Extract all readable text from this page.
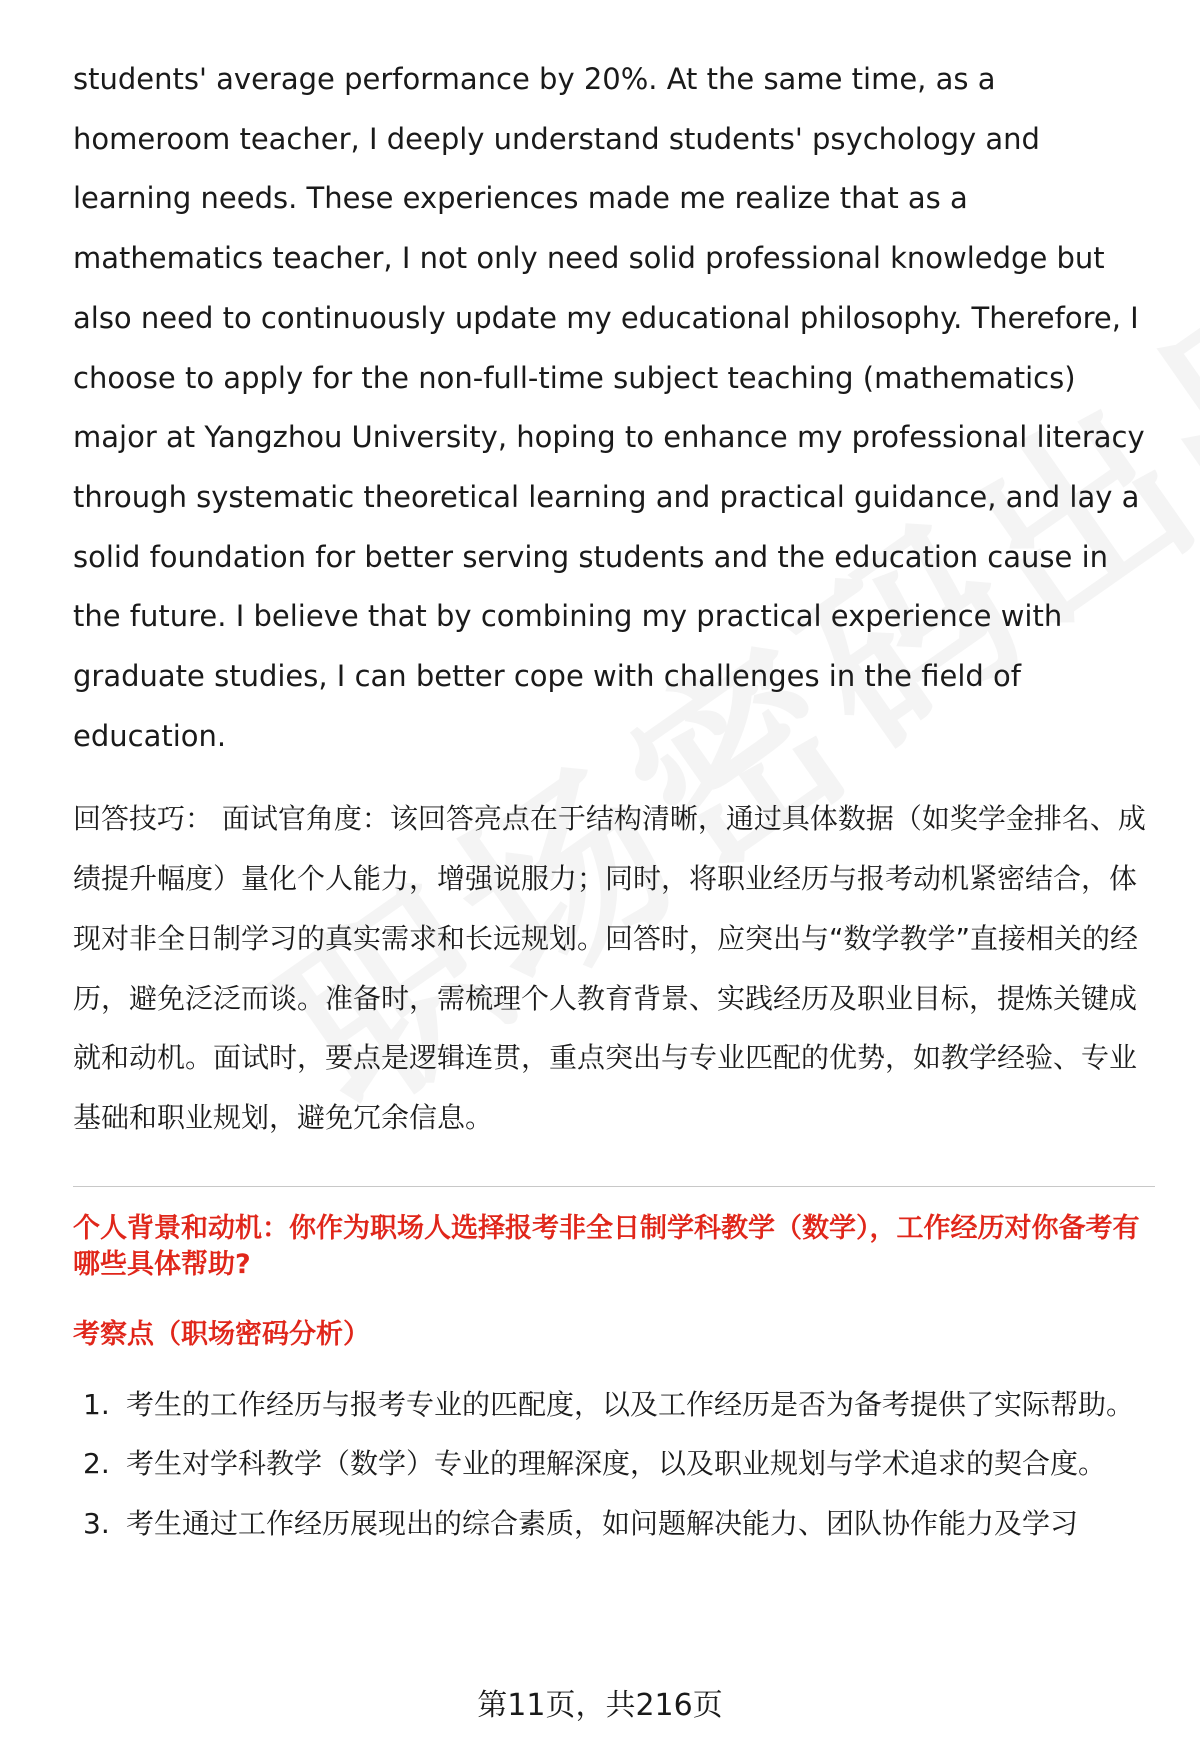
students' average performance by 20%. At the same time, as a homeroom teacher, I deeply understand students' psychology and learning needs. These experiences made me realize that as a mathematics teacher, I not only need solid professional knowledge but also need to continuously update my educational philosophy. Therefore, I choose to apply for the non-full-time subject teaching (mathematics) major at Yangzhou University, hoping to enhance my professional literacy through systematic theoretical learning and practical guidance, and lay a solid foundation for better serving students and the education cause in the future. I believe that by combining my practical experience with graduate studies, I can better cope with challenges in the field of education.

回答技巧： 面试官角度：该回答亮点在于结构清晰，通过具体数据（如奖学金排名、成绩提升幅度）量化个人能力，增强说服力；同时，将职业经历与报考动机紧密结合，体现对非全日制学习的真实需求和长远规划。回答时，应突出与“数学教学”直接相关的经历，避免泛泛而谈。准备时，需梳理个人教育背景、实践经历及职业目标，提炼关键成就和动机。面试时，要点是逻辑连贯，重点突出与专业匹配的优势，如教学经验、专业基础和职业规划，避免冗余信息。

个人背景和动机：你作为职场人选择报考非全日制学科教学（数学），工作经历对你备考有哪些具体帮助?
考察点（职场密码分析）
1. 考生的工作经历与报考专业的匹配度，以及工作经历是否为备考提供了实际帮助。
2. 考生对学科教学（数学）专业的理解深度，以及职业规划与学术追求的契合度。
3. 考生通过工作经历展现出的综合素质，如问题解决能力、团队协作能力及学习
第11页，共216页
